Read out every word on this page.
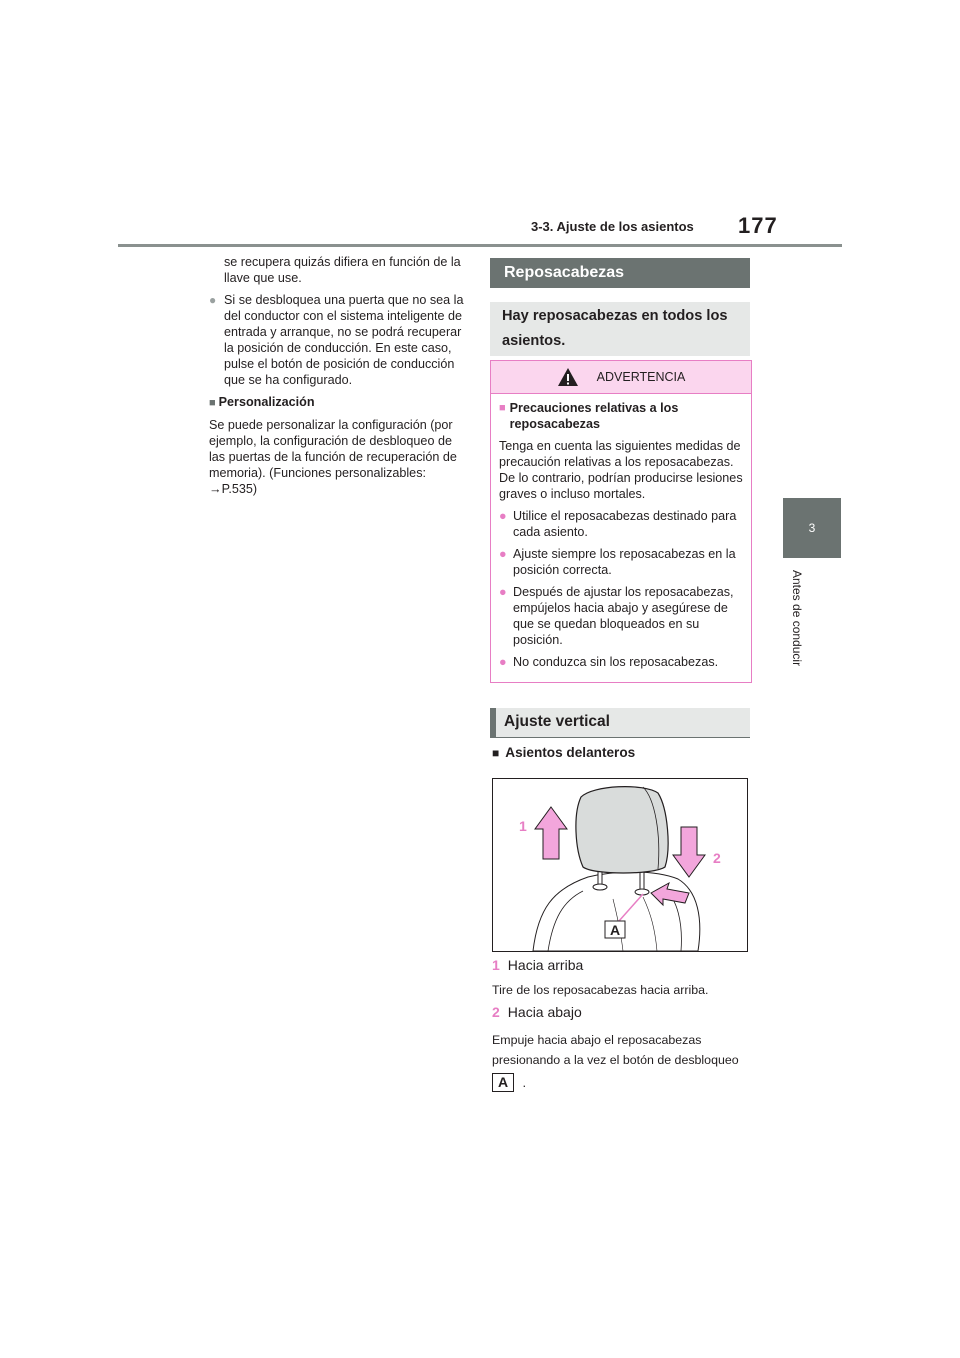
3-3. Ajuste de los asientos 177
3
Antes de conducir

se recupera quizás difiera en función de la llave que use.

● Si se desbloquea una puerta que no sea la del conductor con el sistema inteligente de entrada y arranque, no se podrá recuperar la posición de conducción. En este caso, pulse el botón de posición de conducción que se ha configurado.

■ Personalización

Se puede personalizar la configuración (por ejemplo, la configuración de desbloqueo de las puertas de la función de recuperación de memoria). (Funciones personalizables: →P.535)

Reposacabezas
Hay reposacabezas en todos los asientos.
ADVERTENCIA
■ Precauciones relativas a los reposacabezas

Tenga en cuenta las siguientes medidas de precaución relativas a los reposacabezas. De lo contrario, podrían producirse lesiones graves o incluso mortales.

● Utilice el reposacabezas destinado para cada asiento.
● Ajuste siempre los reposacabezas en la posición correcta.
● Después de ajustar los reposacabezas, empújelos hacia abajo y asegúrese de que se quedan bloqueados en su posición.
● No conduzca sin los reposacabezas.
Ajuste vertical
■ Asientos delanteros
1
2
A
1 Hacia arriba
Tire de los reposacabezas hacia arriba.
2 Hacia abajo
Empuje hacia abajo el reposacabezas presionando a la vez el botón de desbloqueo
A .
